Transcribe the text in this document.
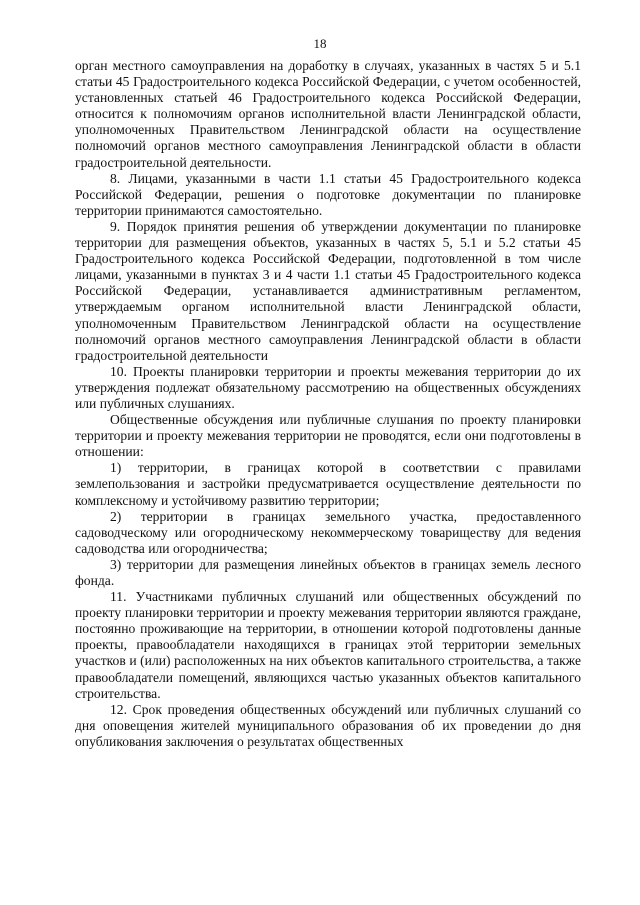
18

орган местного самоуправления на доработку в случаях, указанных в частях 5 и 5.1 статьи 45 Градостроительного кодекса Российской Федерации, с учетом особенностей, установленных статьей 46 Градостроительного кодекса Российской Федерации, относится к полномочиям органов исполнительной власти Ленинградской области, уполномоченных Правительством Ленинградской области на осуществление полномочий органов местного самоуправления Ленинградской области в области градостроительной деятельности.

8. Лицами, указанными в части 1.1 статьи 45 Градостроительного кодекса Российской Федерации, решения о подготовке документации по планировке территории принимаются самостоятельно.

9. Порядок принятия решения об утверждении документации по планировке территории для размещения объектов, указанных в частях 5, 5.1 и 5.2 статьи 45 Градостроительного кодекса Российской Федерации, подготовленной в том числе лицами, указанными в пунктах 3 и 4 части 1.1 статьи 45 Градостроительного кодекса Российской Федерации, устанавливается административным регламентом, утверждаемым органом исполнительной власти Ленинградской области, уполномоченным Правительством Ленинградской области на осуществление полномочий органов местного самоуправления Ленинградской области в области градостроительной деятельности

10. Проекты планировки территории и проекты межевания территории до их утверждения подлежат обязательному рассмотрению на общественных обсуждениях или публичных слушаниях.

Общественные обсуждения или публичные слушания по проекту планировки территории и проекту межевания территории не проводятся, если они подготовлены в отношении:

1) территории, в границах которой в соответствии с правилами землепользования и застройки предусматривается осуществление деятельности по комплексному и устойчивому развитию территории;

2) территории в границах земельного участка, предоставленного садоводческому или огородническому некоммерческому товариществу для ведения садоводства или огородничества;

3) территории для размещения линейных объектов в границах земель лесного фонда.

11. Участниками публичных слушаний или общественных обсуждений по проекту планировки территории и проекту межевания территории являются граждане, постоянно проживающие на территории, в отношении которой подготовлены данные проекты, правообладатели находящихся в границах этой территории земельных участков и (или) расположенных на них объектов капитального строительства, а также правообладатели помещений, являющихся частью указанных объектов капитального строительства.

12. Срок проведения общественных обсуждений или публичных слушаний со дня оповещения жителей муниципального образования об их проведении до дня опубликования заключения о результатах общественных
